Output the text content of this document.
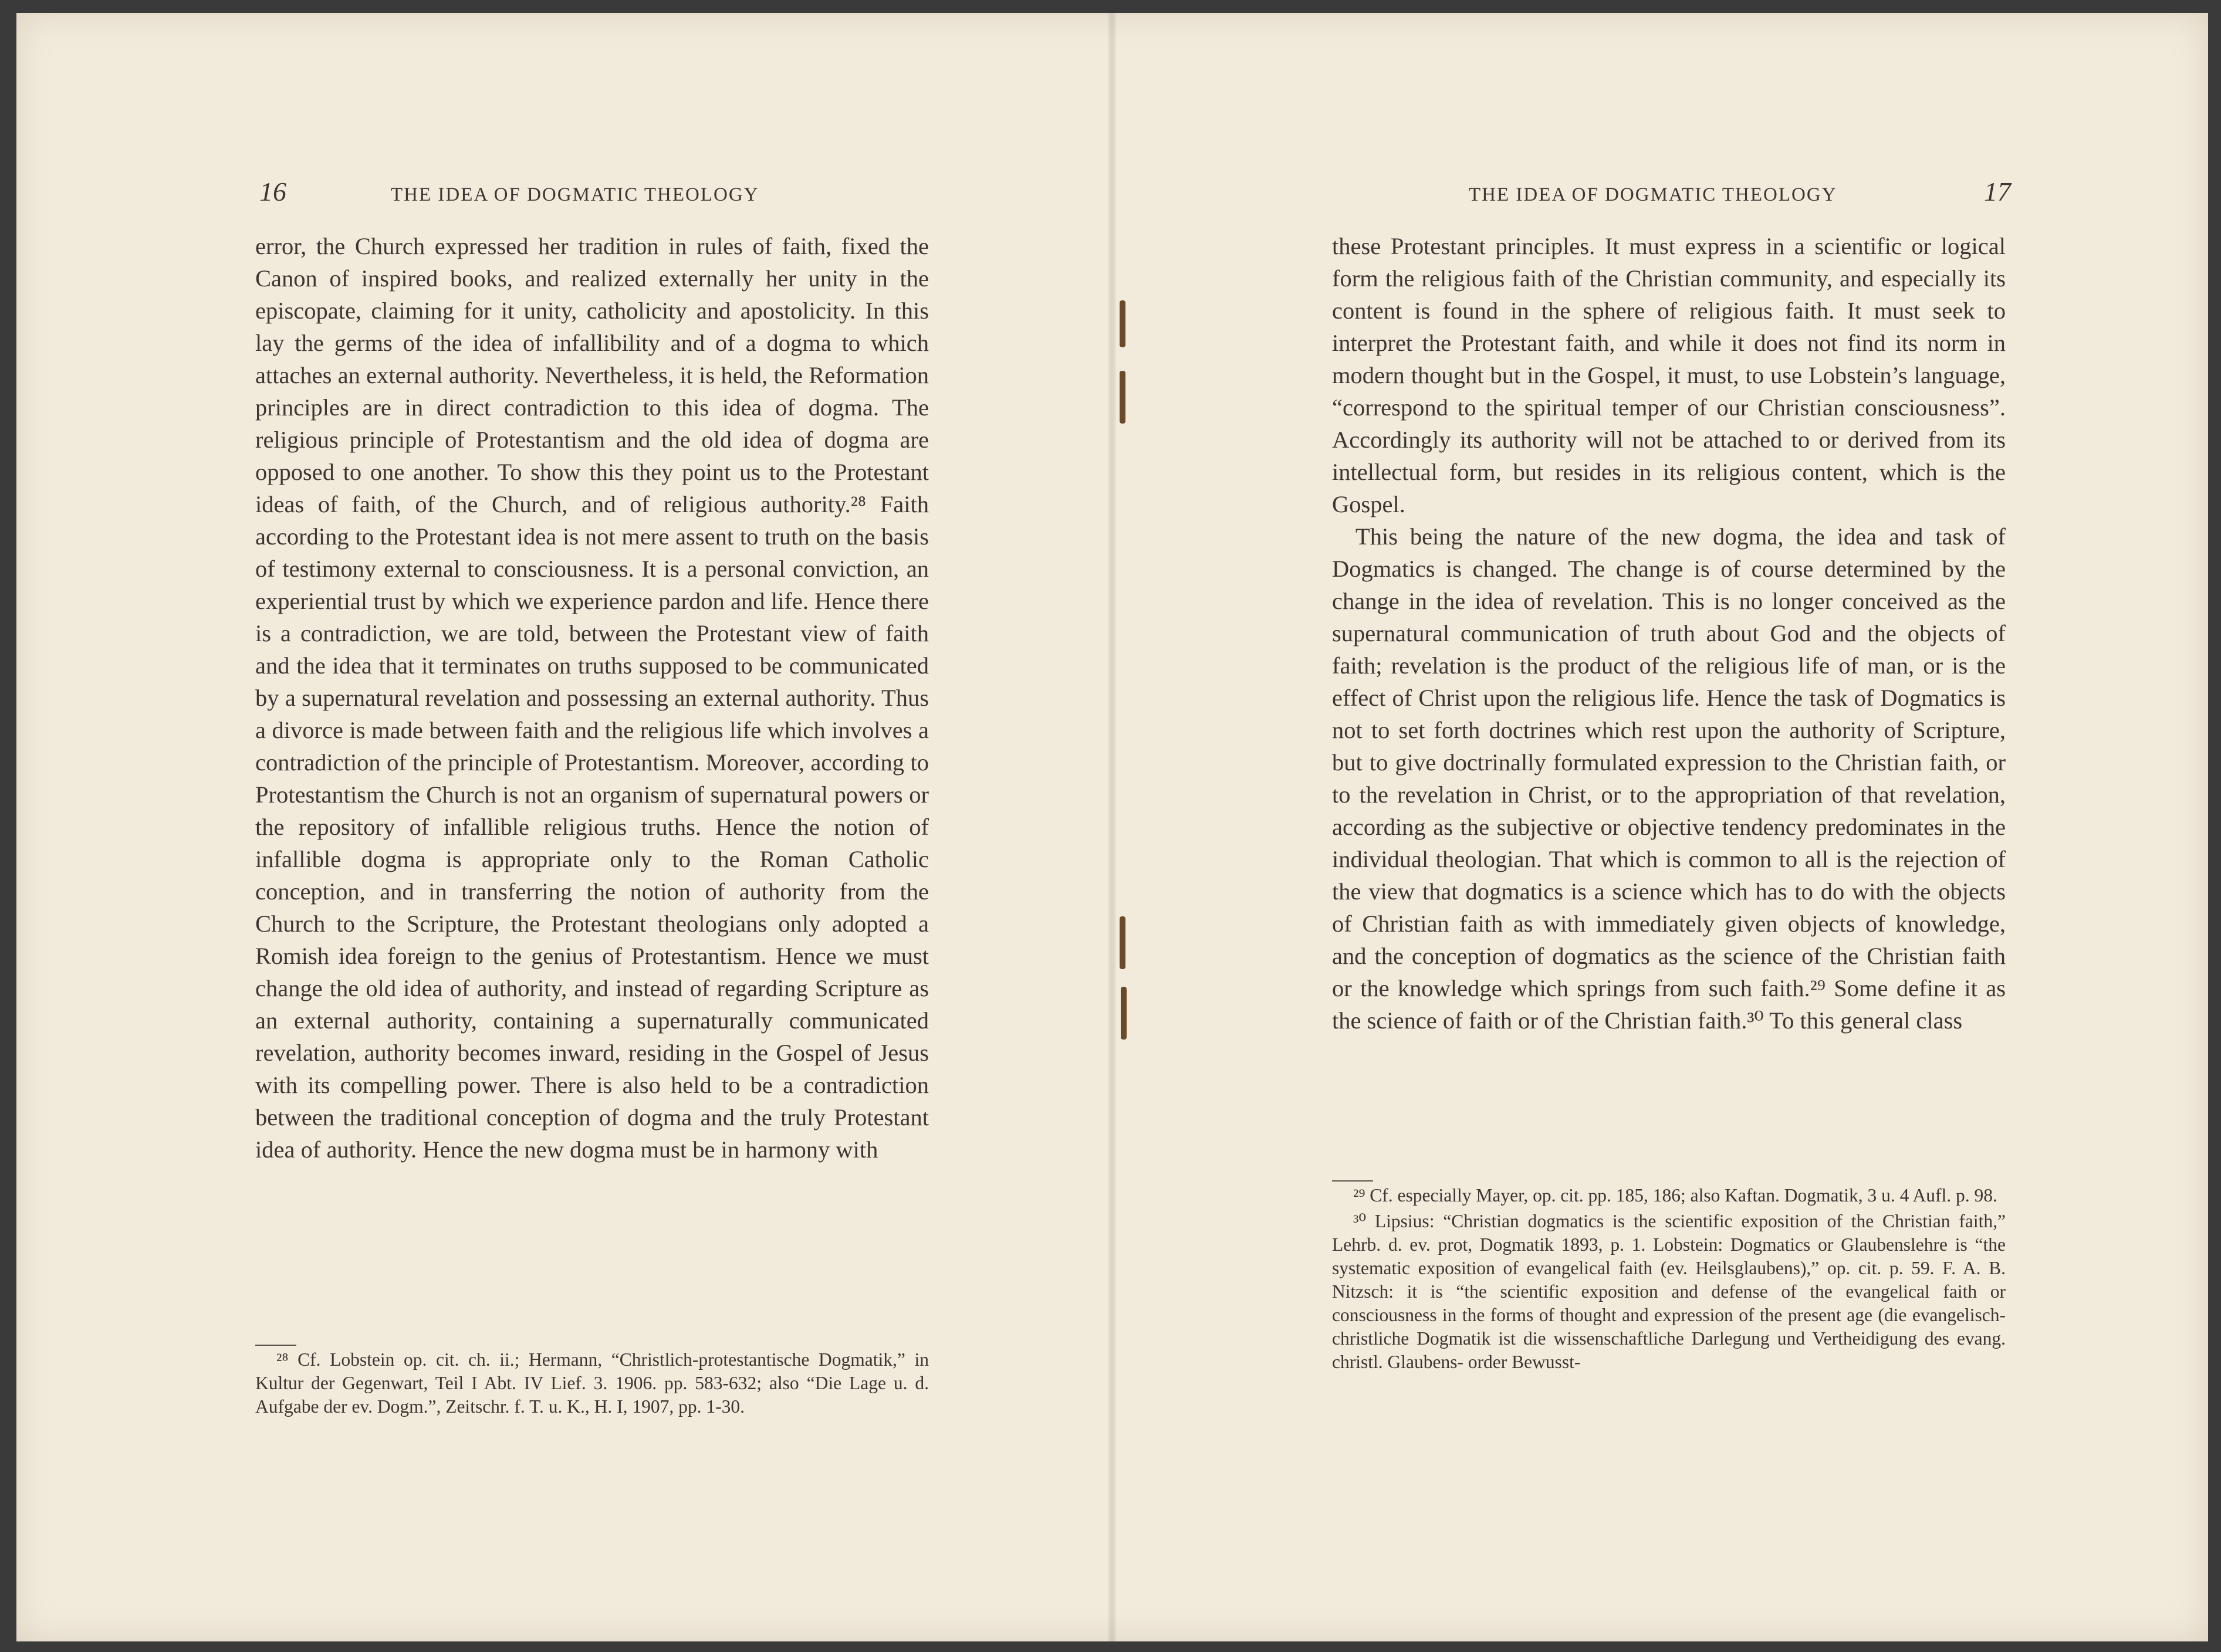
16	THE IDEA OF DOGMATIC THEOLOGY

error, the Church expressed her tradition in rules of faith, fixed the Canon of inspired books, and realized externally her unity in the episcopate, claiming for it unity, catholicity and apostolicity. In this lay the germs of the idea of infallibility and of a dogma to which attaches an external authority. Nevertheless, it is held, the Reformation principles are in direct contradiction to this idea of dogma. The religious principle of Protestantism and the old idea of dogma are opposed to one another. To show this they point us to the Protestant ideas of faith, of the Church, and of religious authority.²⁸ Faith according to the Protestant idea is not mere assent to truth on the basis of testimony external to consciousness. It is a personal conviction, an experiential trust by which we experience pardon and life. Hence there is a contradiction, we are told, between the Protestant view of faith and the idea that it terminates on truths supposed to be communicated by a supernatural revelation and possessing an external authority. Thus a divorce is made between faith and the religious life which involves a contradiction of the principle of Protestantism. Moreover, according to Protestantism the Church is not an organism of supernatural powers or the repository of infallible religious truths. Hence the notion of infallible dogma is appropriate only to the Roman Catholic conception, and in transferring the notion of authority from the Church to the Scripture, the Protestant theologians only adopted a Romish idea foreign to the genius of Protestantism. Hence we must change the old idea of authority, and instead of regarding Scripture as an external authority, containing a supernaturally communicated revelation, authority becomes inward, residing in the Gospel of Jesus with its compelling power. There is also held to be a contradiction between the traditional conception of dogma and the truly Protestant idea of authority. Hence the new dogma must be in harmony with

²⁸ Cf. Lobstein op. cit. ch. ii.; Hermann, “Christlich-protestantische Dogmatik,” in Kultur der Gegenwart, Teil I Abt. IV Lief. 3. 1906. pp. 583-632; also “Die Lage u. d. Aufgabe der ev. Dogm.”, Zeitschr. f. T. u. K., H. I, 1907, pp. 1-30.

THE IDEA OF DOGMATIC THEOLOGY	17

these Protestant principles. It must express in a scientific or logical form the religious faith of the Christian community, and especially its content is found in the sphere of religious faith. It must seek to interpret the Protestant faith, and while it does not find its norm in modern thought but in the Gospel, it must, to use Lobstein’s language, “correspond to the spiritual temper of our Christian consciousness”. Accordingly its authority will not be attached to or derived from its intellectual form, but resides in its religious content, which is the Gospel.

This being the nature of the new dogma, the idea and task of Dogmatics is changed. The change is of course determined by the change in the idea of revelation. This is no longer conceived as the supernatural communication of truth about God and the objects of faith; revelation is the product of the religious life of man, or is the effect of Christ upon the religious life. Hence the task of Dogmatics is not to set forth doctrines which rest upon the authority of Scripture, but to give doctrinally formulated expression to the Christian faith, or to the revelation in Christ, or to the appropriation of that revelation, according as the subjective or objective tendency predominates in the individual theologian. That which is common to all is the rejection of the view that dogmatics is a science which has to do with the objects of Christian faith as with immediately given objects of knowledge, and the conception of dogmatics as the science of the Christian faith or the knowledge which springs from such faith.²⁹ Some define it as the science of faith or of the Christian faith.³⁰ To this general class

²⁹ Cf. especially Mayer, op. cit. pp. 185, 186; also Kaftan. Dogmatik, 3 u. 4 Aufl. p. 98.

³⁰ Lipsius: “Christian dogmatics is the scientific exposition of the Christian faith,” Lehrb. d. ev. prot, Dogmatik 1893, p. 1. Lobstein: Dogmatics or Glaubenslehre is “the systematic exposition of evangelical faith (ev. Heilsglaubens),” op. cit. p. 59. F. A. B. Nitzsch: it is “the scientific exposition and defense of the evangelical faith or consciousness in the forms of thought and expression of the present age (die evangelisch-christliche Dogmatik ist die wissenschaftliche Darlegung und Vertheidigung des evang. christl. Glaubens- order Bewusst-
